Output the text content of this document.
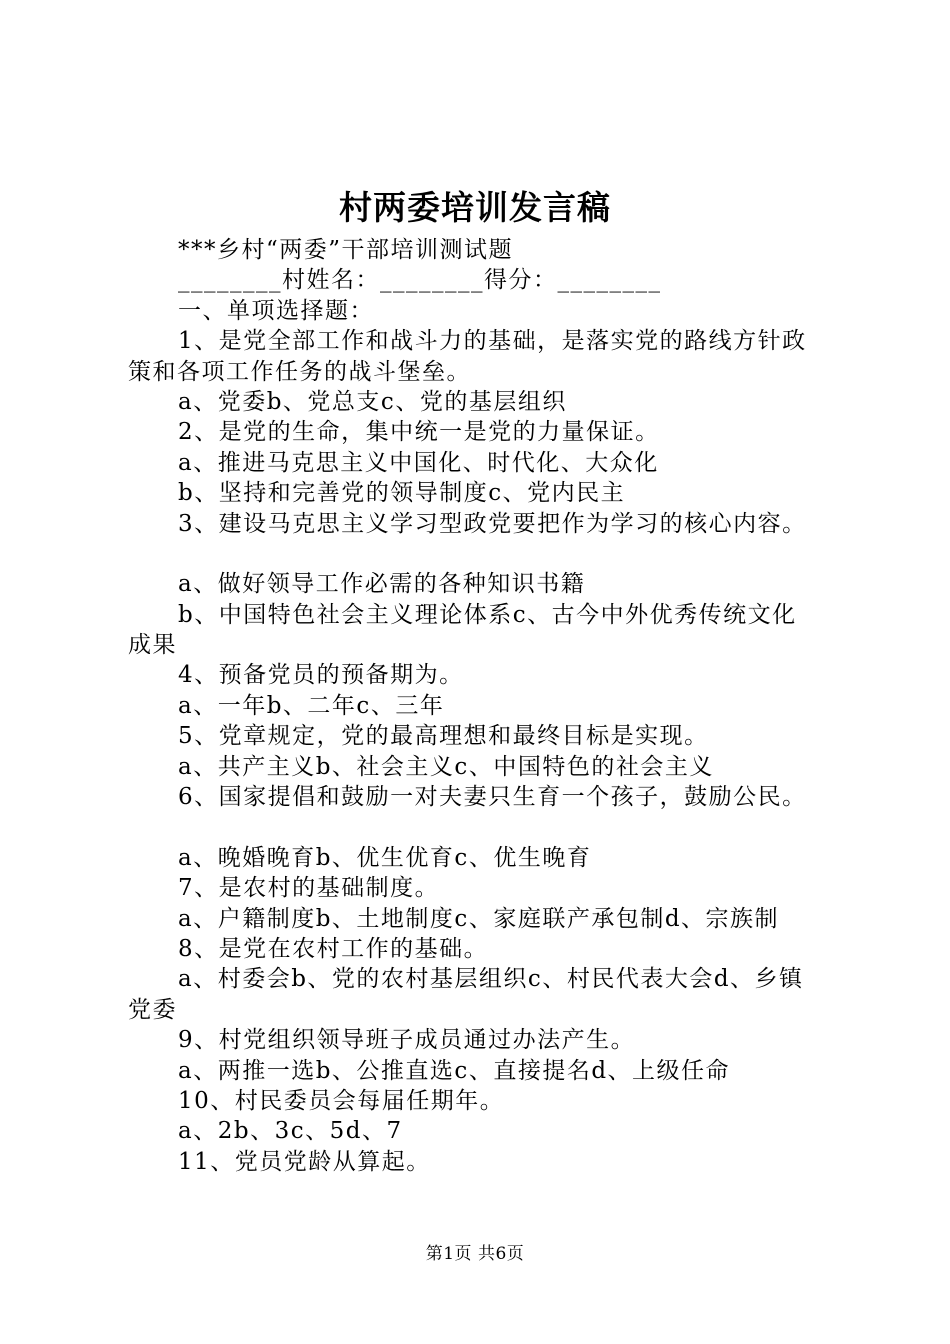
村两委培训发言稿
***乡村“两委”干部培训测试题
________村姓名：________得分：________
一、单项选择题：
1、是党全部工作和战斗力的基础，是落实党的路线方针政
策和各项工作任务的战斗堡垒。
a、党委b、党总支c、党的基层组织
2、是党的生命，集中统一是党的力量保证。
a、推进马克思主义中国化、时代化、大众化
b、坚持和完善党的领导制度c、党内民主
3、建设马克思主义学习型政党要把作为学习的核心内容。
a、做好领导工作必需的各种知识书籍
b、中国特色社会主义理论体系c、古今中外优秀传统文化
成果
4、预备党员的预备期为。
a、一年b、二年c、三年
5、党章规定，党的最高理想和最终目标是实现。
a、共产主义b、社会主义c、中国特色的社会主义
6、国家提倡和鼓励一对夫妻只生育一个孩子，鼓励公民。
a、晚婚晚育b、优生优育c、优生晚育
7、是农村的基础制度。
a、户籍制度b、土地制度c、家庭联产承包制d、宗族制
8、是党在农村工作的基础。
a、村委会b、党的农村基层组织c、村民代表大会d、乡镇
党委
9、村党组织领导班子成员通过办法产生。
a、两推一选b、公推直选c、直接提名d、上级任命
10、村民委员会每届任期年。
a、2b、3c、5d、7
11、党员党龄从算起。
第1页 共6页
